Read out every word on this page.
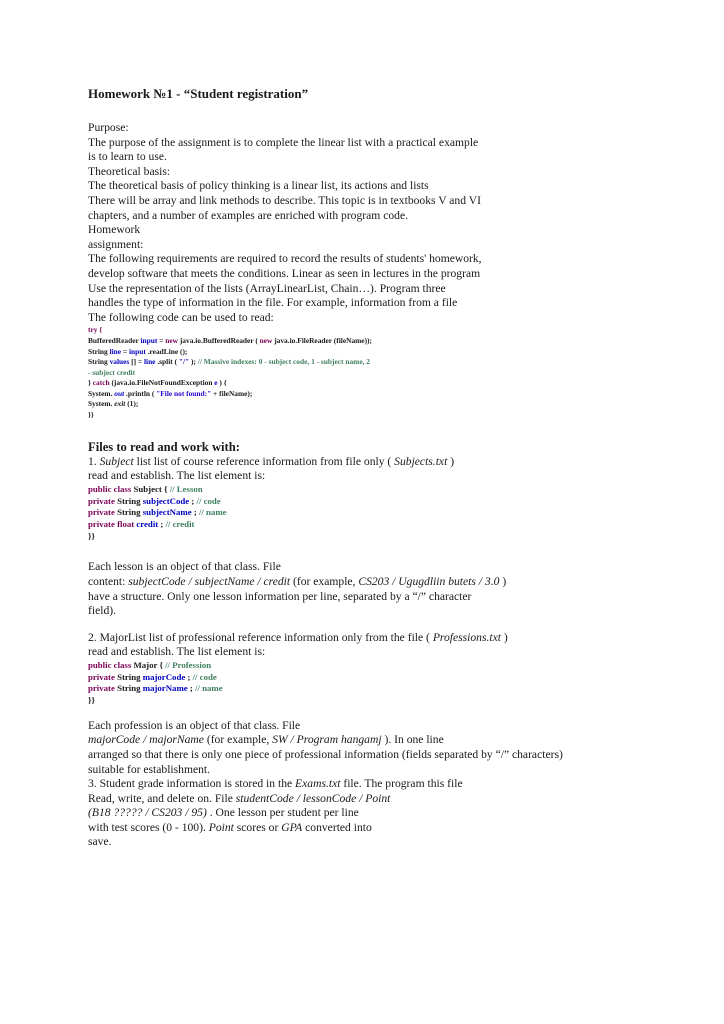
Homework №1 - “Student registration”
Purpose:
The purpose of the assignment is to complete the linear list with a practical example
is to learn to use.
Theoretical basis:
The theoretical basis of policy thinking is a linear list, its actions and lists
There will be array and link methods to describe. This topic is in textbooks V and VI
chapters, and a number of examples are enriched with program code.
Homework
assignment:
The following requirements are required to record the results of students' homework,
develop software that meets the conditions. Linear as seen in lectures in the program
Use the representation of the lists (ArrayLinearList, Chain…). Program three
handles the type of information in the file. For example, information from a file
The following code can be used to read:
try {
BufferedReader input = new java.io.BufferedReader ( new java.io.FileReader (fileName));
String line = input .readLine ();
String values [] = line .split ( "/" ); // Massive indexes: 0 - subject code, 1 - subject name, 2
- subject credit
} catch (java.io.FileNotFoundException e ) {
System. out .println ( "File not found:" + fileName);
System. exit (1);
}}
Files to read and work with:
1. Subject list list of course reference information from file only ( Subjects.txt )
read and establish. The list element is:
public class Subject { // Lesson
private String subjectCode ; // code
private String subjectName ; // name
private float credit ; // credit
}}
Each lesson is an object of that class. File
content: subjectCode / subjectName / credit (for example, CS203 / Ugugdliin butets / 3.0 )
have a structure. Only one lesson information per line, separated by a “/” character
field).
2. MajorList list of professional reference information only from the file ( Professions.txt )
read and establish. The list element is:
public class Major { // Profession
private String majorCode ; // code
private String majorName ; // name
}}
Each profession is an object of that class. File
majorCode / majorName (for example, SW / Program hangamj ). In one line
arranged so that there is only one piece of professional information (fields separated by “/” characters)
suitable for establishment.
3. Student grade information is stored in the Exams.txt file. The program this file
Read, write, and delete on. File studentCode / lessonCode / Point
(B18 ????? / CS203 / 95) . One lesson per student per line
with test scores (0 - 100). Point scores or GPA converted into
save.
